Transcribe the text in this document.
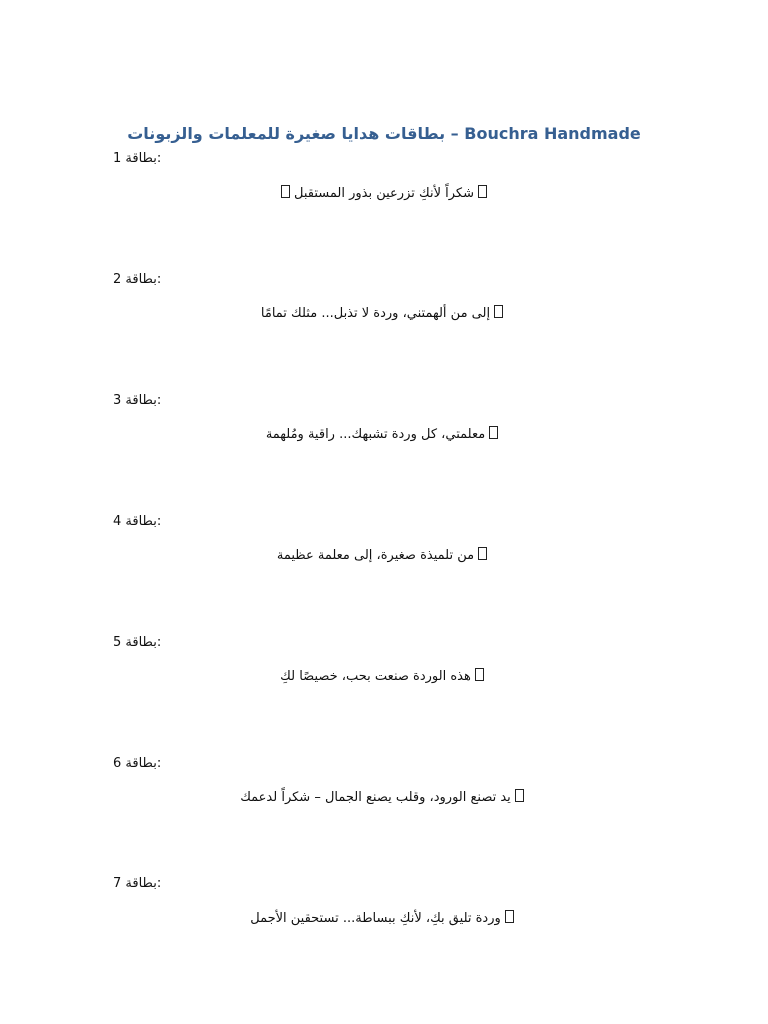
بطاقات هدايا صغيرة للمعلمات والزبونات – Bouchra Handmade
بطاقة 1:
شكراً لأنكِ تزرعين بذور المستقبل
بطاقة 2:
إلى من ألهمتني، وردة لا تذبل... مثلك تمامًا
بطاقة 3:
معلمتي، كل وردة تشبهك... راقية ومُلهمة
بطاقة 4:
من تلميذة صغيرة، إلى معلمة عظيمة
بطاقة 5:
هذه الوردة صنعت بحب، خصيصًا لكِ
بطاقة 6:
يد تصنع الورود، وقلب يصنع الجمال – شكراً لدعمك
بطاقة 7:
وردة تليق بكِ، لأنكِ ببساطة... تستحقين الأجمل
